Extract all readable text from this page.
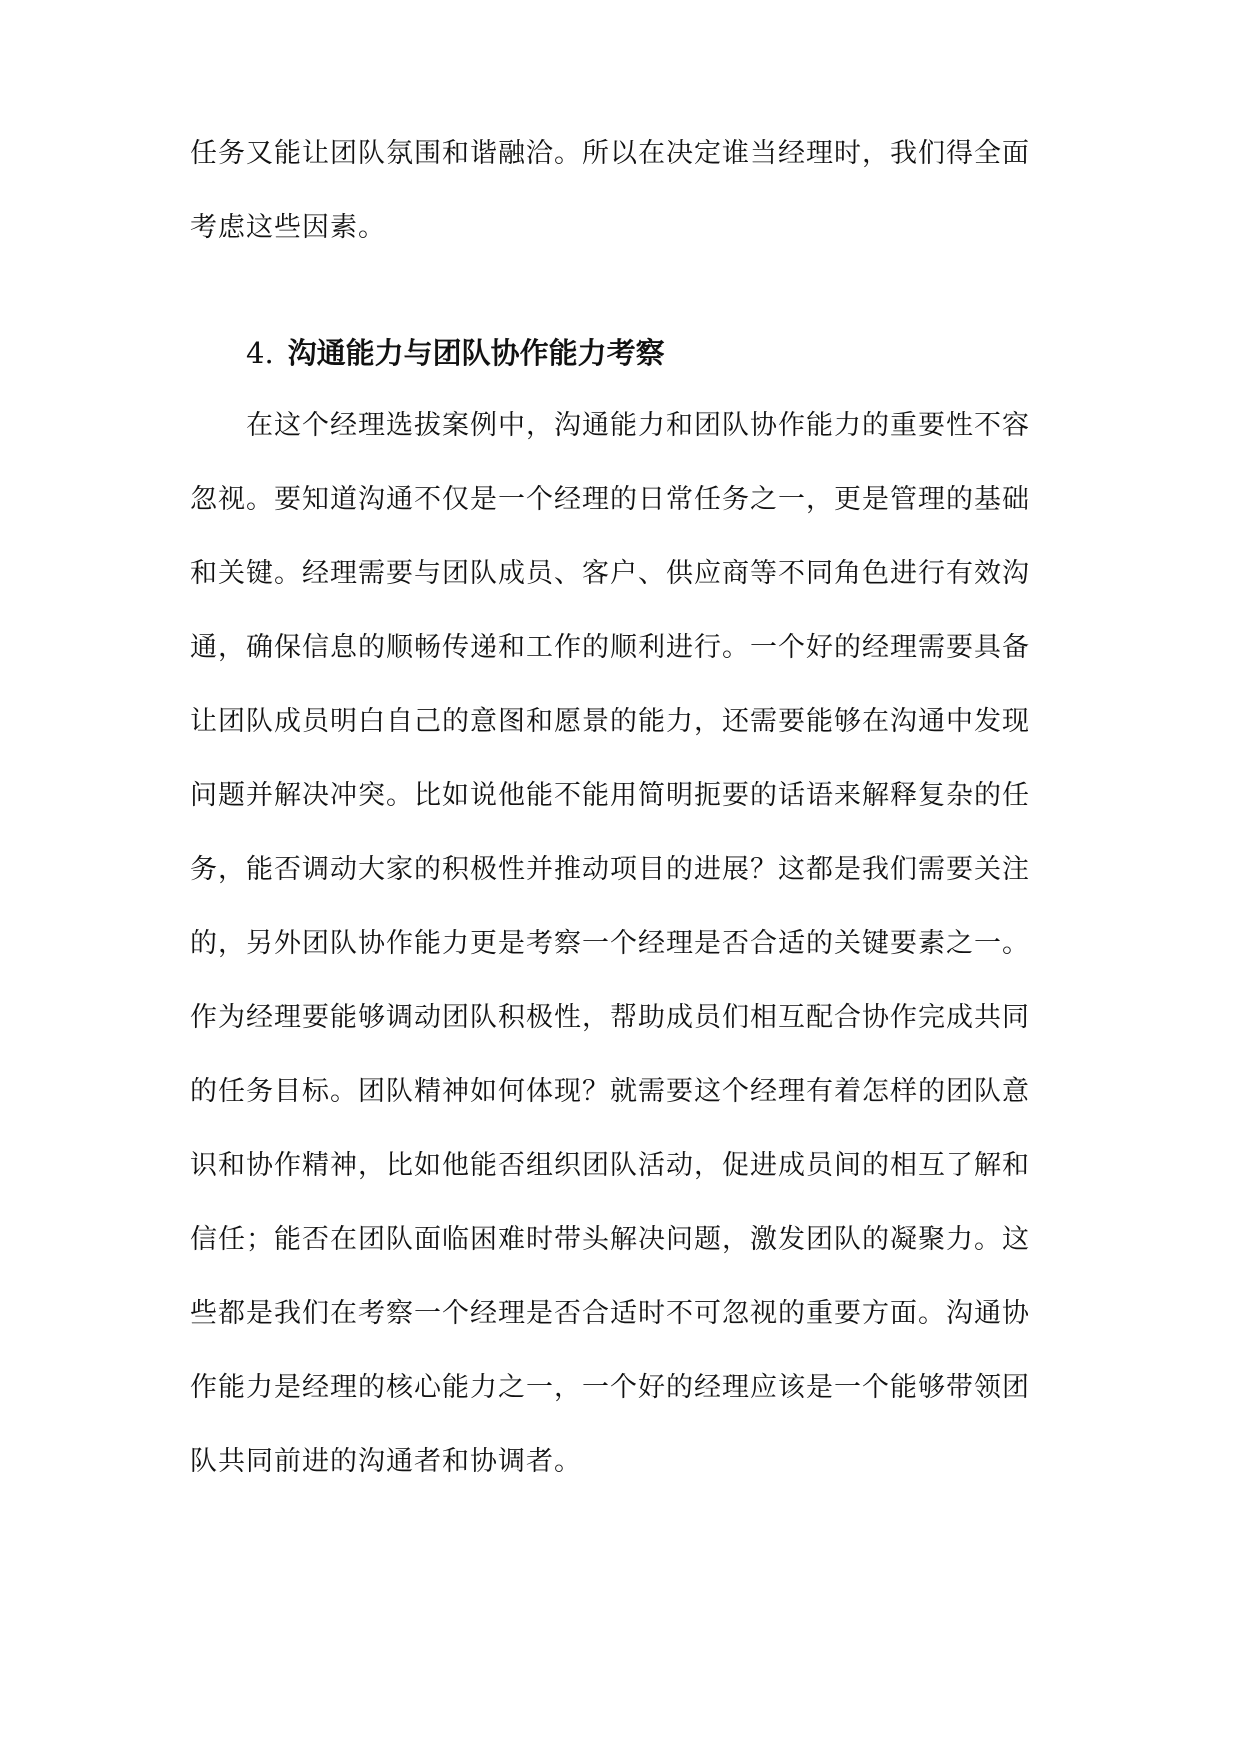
任务又能让团队氛围和谐融洽。所以在决定谁当经理时，我们得全面
考虑这些因素。
4. 沟通能力与团队协作能力考察
在这个经理选拔案例中，沟通能力和团队协作能力的重要性不容
忽视。要知道沟通不仅是一个经理的日常任务之一，更是管理的基础
和关键。经理需要与团队成员、客户、供应商等不同角色进行有效沟
通，确保信息的顺畅传递和工作的顺利进行。一个好的经理需要具备
让团队成员明白自己的意图和愿景的能力，还需要能够在沟通中发现
问题并解决冲突。比如说他能不能用简明扼要的话语来解释复杂的任
务，能否调动大家的积极性并推动项目的进展？这都是我们需要关注
的，另外团队协作能力更是考察一个经理是否合适的关键要素之一。
作为经理要能够调动团队积极性，帮助成员们相互配合协作完成共同
的任务目标。团队精神如何体现？就需要这个经理有着怎样的团队意
识和协作精神，比如他能否组织团队活动，促进成员间的相互了解和
信任；能否在团队面临困难时带头解决问题，激发团队的凝聚力。这
些都是我们在考察一个经理是否合适时不可忽视的重要方面。沟通协
作能力是经理的核心能力之一，一个好的经理应该是一个能够带领团
队共同前进的沟通者和协调者。
